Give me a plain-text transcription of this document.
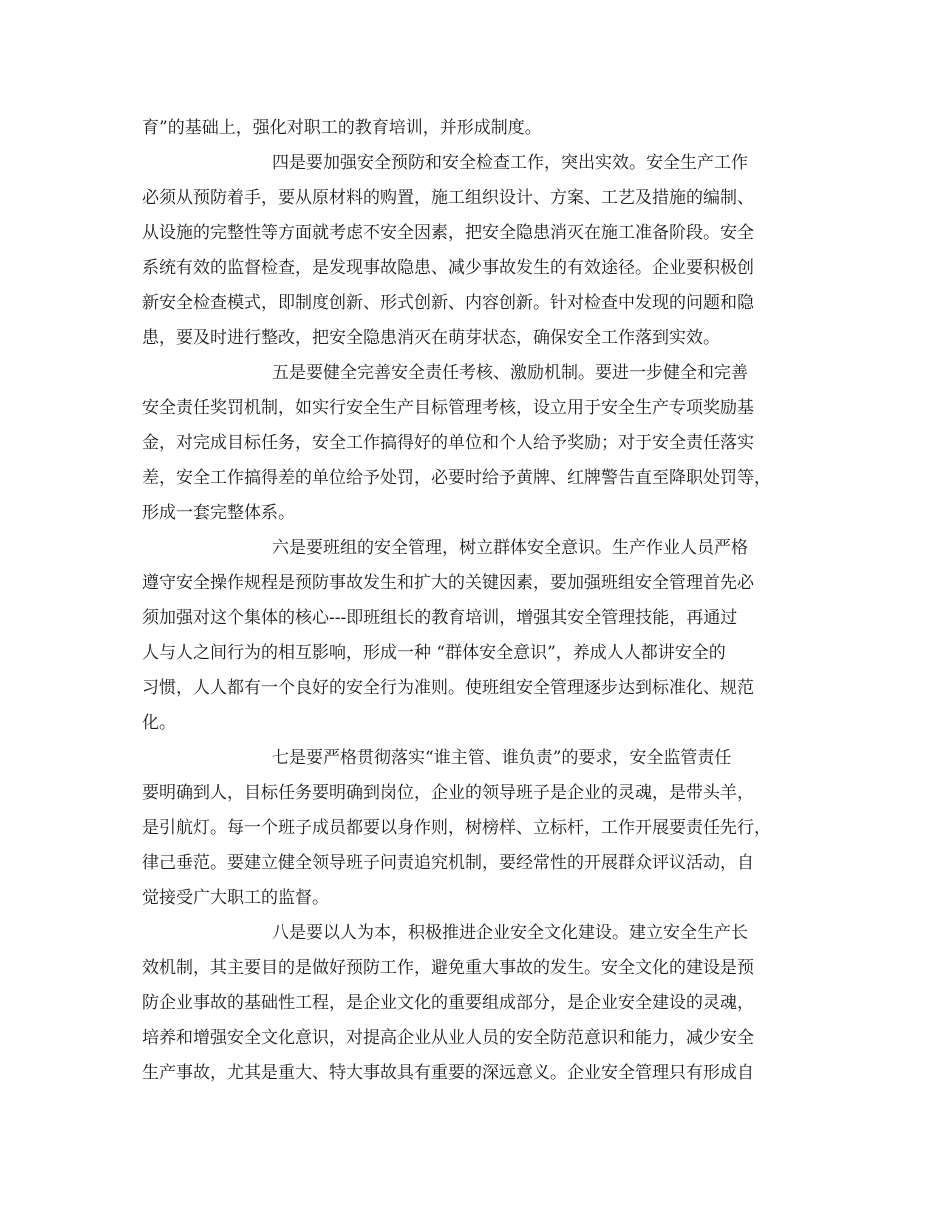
育”的基础上，强化对职工的教育培训，并形成制度。
四是要加强安全预防和安全检查工作，突出实效。安全生产工作
必须从预防着手，要从原材料的购置，施工组织设计、方案、工艺及措施的编制、
从设施的完整性等方面就考虑不安全因素，把安全隐患消灭在施工准备阶段。安全
系统有效的监督检查，是发现事故隐患、减少事故发生的有效途径。企业要积极创
新安全检查模式，即制度创新、形式创新、内容创新。针对检查中发现的问题和隐
患，要及时进行整改，把安全隐患消灭在萌芽状态，确保安全工作落到实效。
五是要健全完善安全责任考核、激励机制。要进一步健全和完善
安全责任奖罚机制，如实行安全生产目标管理考核，设立用于安全生产专项奖励基
金，对完成目标任务，安全工作搞得好的单位和个人给予奖励；对于安全责任落实
差，安全工作搞得差的单位给予处罚，必要时给予黄牌、红牌警告直至降职处罚等，
形成一套完整体系。
六是要班组的安全管理，树立群体安全意识。生产作业人员严格
遵守安全操作规程是预防事故发生和扩大的关键因素，要加强班组安全管理首先必
须加强对这个集体的核心---即班组长的教育培训，增强其安全管理技能，再通过
人与人之间行为的相互影响，形成一种 “群体安全意识”，养成人人都讲安全的
习惯，人人都有一个良好的安全行为准则。使班组安全管理逐步达到标准化、规范
化。
七是要严格贯彻落实“谁主管、谁负责”的要求，安全监管责任
要明确到人，目标任务要明确到岗位，企业的领导班子是企业的灵魂，是带头羊，
是引航灯。每一个班子成员都要以身作则，树榜样、立标杆，工作开展要责任先行，
律己垂范。要建立健全领导班子问责追究机制，要经常性的开展群众评议活动，自
觉接受广大职工的监督。
八是要以人为本，积极推进企业安全文化建设。建立安全生产长
效机制，其主要目的是做好预防工作，避免重大事故的发生。安全文化的建设是预
防企业事故的基础性工程，是企业文化的重要组成部分，是企业安全建设的灵魂，
培养和增强安全文化意识，对提高企业从业人员的安全防范意识和能力，减少安全
生产事故，尤其是重大、特大事故具有重要的深远意义。企业安全管理只有形成自
